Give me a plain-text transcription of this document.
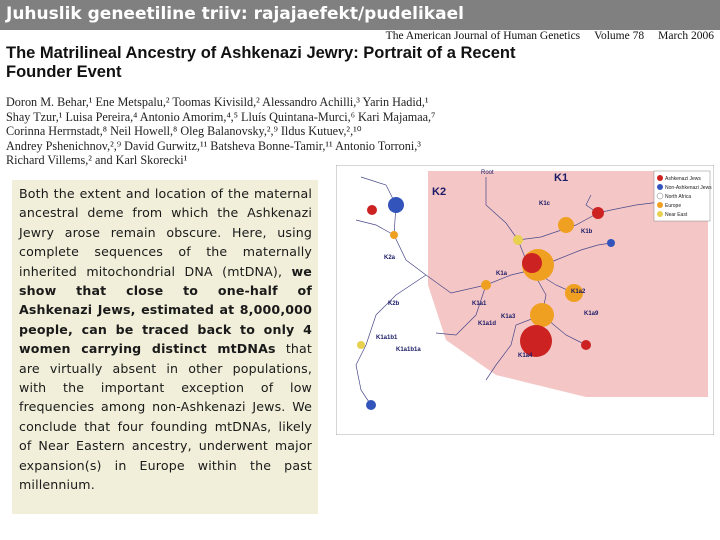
Juhuslik geneetiline triiv: rajajaefekt/pudelikael
The American Journal of Human Genetics Volume 78 March 2006
The Matrilineal Ancestry of Ashkenazi Jewry: Portrait of a Recent Founder Event
Doron M. Behar,¹ Ene Metspalu,² Toomas Kivisild,² Alessandro Achilli,³ Yarin Hadid,¹
Shay Tzur,¹ Luisa Pereira,⁴ Antonio Amorim,⁴,⁵ Lluís Quintana-Murci,⁶ Kari Majamaa,⁷
Corinna Herrnstadt,⁸ Neil Howell,⁸ Oleg Balanovsky,²,⁹ Ildus Kutuev,²,¹⁰
Andrey Pshenichnov,²,⁹ David Gurwitz,¹¹ Batsheva Bonne-Tamir,¹¹ Antonio Torroni,³
Richard Villems,² and Karl Skorecki¹

Both the extent and location of the maternal ancestral deme from which the Ashkenazi Jewry arose remain obscure. Here, using complete sequences of the maternally inherited mitochondrial DNA (mtDNA), we show that close to one-half of Ashkenazi Jews, estimated at 8,000,000 people, can be traced back to only 4 women carrying distinct mtDNAs that are virtually absent in other populations, with the important exception of low frequencies among non-Ashkenazi Jews. We conclude that four founding mtDNAs, likely of Near Eastern ancestry, underwent major expansion(s) in Europe within the past millennium.

K2
K1
Root
K1a
K1b
K1c
K1a1
K1a2
K1a9
K1a4
K1a3
K1a1d
K1a1b1
K2a
K2b
K1a1b1a
Ashkenazi Jews
Non-Ashkenazi Jews
North Africa
Europe
Near East
